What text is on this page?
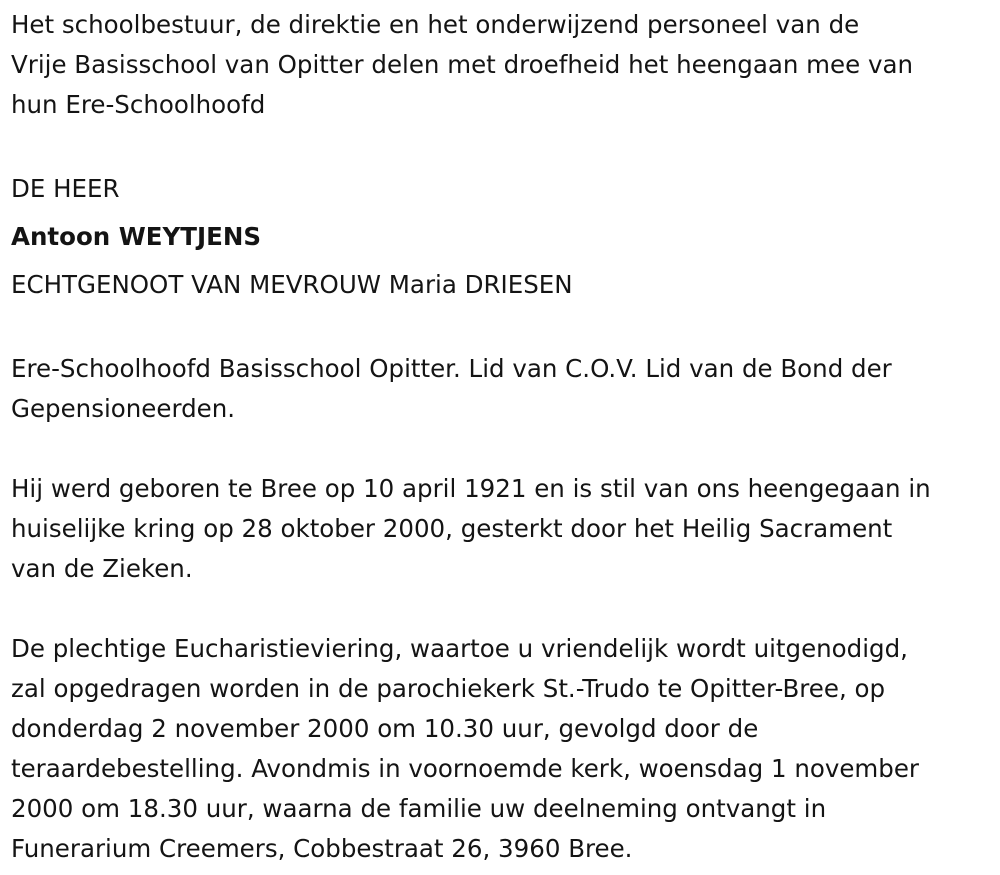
Het schoolbestuur, de direktie en het onderwijzend personeel van de
Vrije Basisschool van Opitter delen met droefheid het heengaan mee van
hun Ere-Schoolhoofd

DE HEER
Antoon WEYTJENS
ECHTGENOOT VAN MEVROUW Maria DRIESEN

Ere-Schoolhoofd Basisschool Opitter. Lid van C.O.V. Lid van de Bond der
Gepensioneerden.

Hij werd geboren te Bree op 10 april 1921 en is stil van ons heengegaan in
huiselijke kring op 28 oktober 2000, gesterkt door het Heilig Sacrament
van de Zieken.

De plechtige Eucharistieviering, waartoe u vriendelijk wordt uitgenodigd,
zal opgedragen worden in de parochiekerk St.-Trudo te Opitter-Bree, op
donderdag 2 november 2000 om 10.30 uur, gevolgd door de
teraardebestelling. Avondmis in voornoemde kerk, woensdag 1 november
2000 om 18.30 uur, waarna de familie uw deelneming ontvangt in
Funerarium Creemers, Cobbestraat 26, 3960 Bree.
